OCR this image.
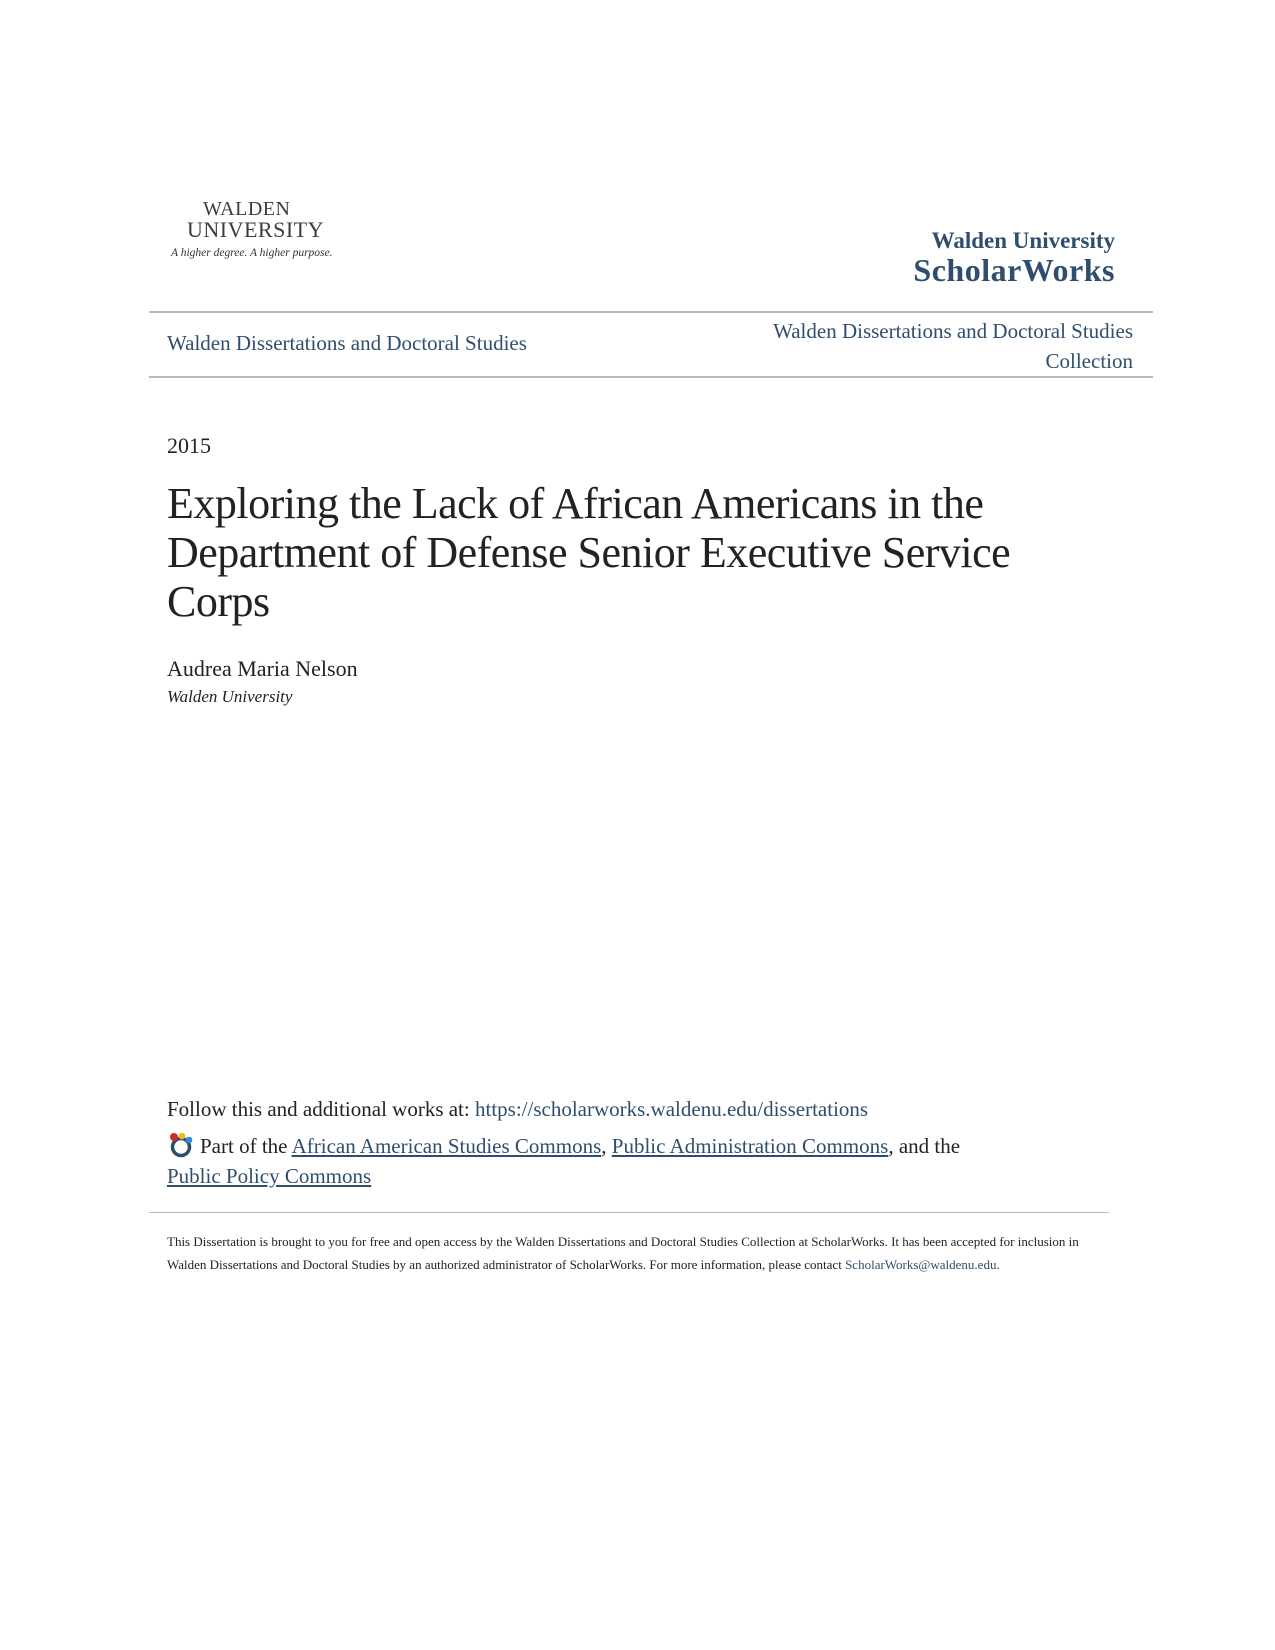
WALDEN
UNIVERSITY
A higher degree. A higher purpose.	Walden University
ScholarWorks
Walden Dissertations and Doctoral Studies	Walden Dissertations and Doctoral Studies Collection
2015
Exploring the Lack of African Americans in the Department of Defense Senior Executive Service Corps
Audrea Maria Nelson
Walden University
Follow this and additional works at: https://scholarworks.waldenu.edu/dissertations
Part of the African American Studies Commons, Public Administration Commons, and the
Public Policy Commons
This Dissertation is brought to you for free and open access by the Walden Dissertations and Doctoral Studies Collection at ScholarWorks. It has been accepted for inclusion in Walden Dissertations and Doctoral Studies by an authorized administrator of ScholarWorks. For more information, please contact ScholarWorks@waldenu.edu.
